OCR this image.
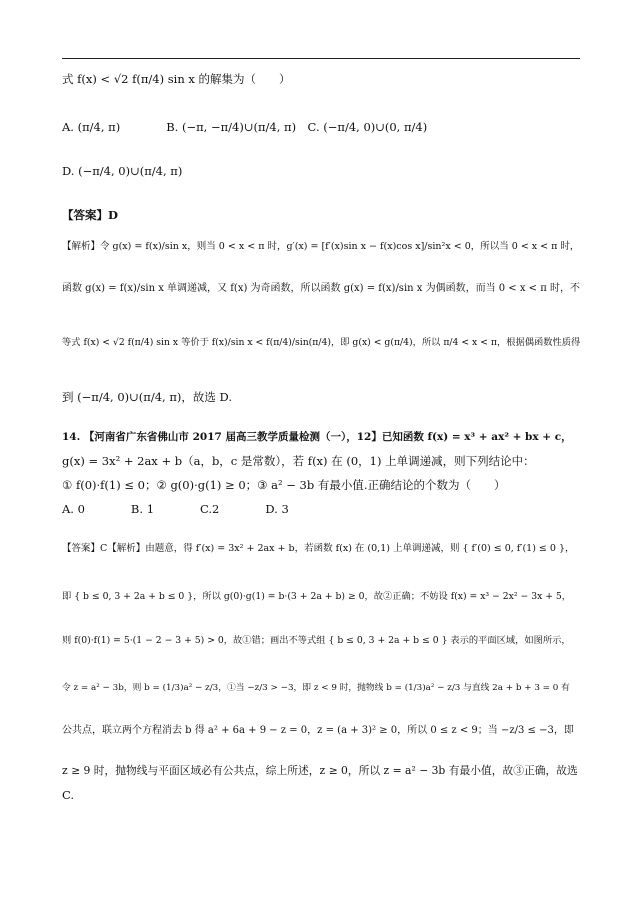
式 f(x) < √2 f(π/4) sin x 的解集为（　　）
A. (π/4, π)　　　　B. (−π, −π/4)∪(π/4, π)　C. (−π/4, 0)∪(0, π/4)
D. (−π/4, 0)∪(π/4, π)
【答案】D
【解析】令 g(x) = f(x)/sin x，则当 0 < x < π 时，g′(x) = [f′(x)sin x − f(x)cos x]/sin²x < 0，所以当 0 < x < π 时，
函数 g(x) = f(x)/sin x 单调递减，又 f(x) 为奇函数，所以函数 g(x) = f(x)/sin x 为偶函数，而当 0 < x < π 时，不
等式 f(x) < √2 f(π/4) sin x 等价于 f(x)/sin x < f(π/4)/sin(π/4)，即 g(x) < g(π/4)，所以 π/4 < x < π，根据偶函数性质得
到 (−π/4, 0)∪(π/4, π)，故选 D.
14. 【河南省广东省佛山市 2017 届高三教学质量检测（一），12】已知函数 f(x) = x³ + ax² + bx + c，
g(x) = 3x² + 2ax + b（a，b，c 是常数），若 f(x) 在 (0，1) 上单调递减，则下列结论中：
① f(0)·f(1) ≤ 0；② g(0)·g(1) ≥ 0；③ a² − 3b 有最小值.正确结论的个数为（　　）
A. 0　　　　B. 1　　　　C.2　　　　D. 3
【答案】C【解析】由题意，得 f′(x) = 3x² + 2ax + b，若函数 f(x) 在 (0,1) 上单调递减，则 { f′(0) ≤ 0, f′(1) ≤ 0 }，
即 { b ≤ 0, 3 + 2a + b ≤ 0 }，所以 g(0)·g(1) = b·(3 + 2a + b) ≥ 0，故②正确；不妨设 f(x) = x³ − 2x² − 3x + 5，
则 f(0)·f(1) = 5·(1 − 2 − 3 + 5) > 0，故①错；画出不等式组 { b ≤ 0, 3 + 2a + b ≤ 0 } 表示的平面区域，如图所示，
令 z = a² − 3b，则 b = (1/3)a² − z/3，①当 −z/3 > −3，即 z < 9 时，抛物线 b = (1/3)a² − z/3 与直线 2a + b + 3 = 0 有
公共点，联立两个方程消去 b 得 a² + 6a + 9 − z = 0，z = (a + 3)² ≥ 0，所以 0 ≤ z < 9；当 −z/3 ≤ −3，即
z ≥ 9 时，抛物线与平面区域必有公共点，综上所述，z ≥ 0，所以 z = a² − 3b 有最小值，故③正确，故选
C.
